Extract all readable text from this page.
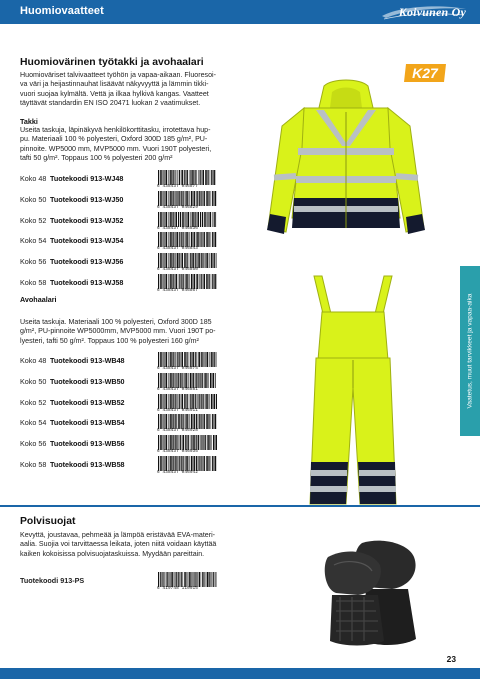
Huomiovaatteet	Koivunen Oy
Huomiovärinen työtakki ja avohaalari
Huomioväriset talvivaatteet työhön ja vapaa-aikaan. Fluoresoi-
va väri ja heijastinnauhat lisäävät näkyvyyttä ja lämmin tikki-
vuori suojaa kylmältä. Vettä ja ilkaa hylkivä kangas. Vaatteet
täyttävät standardin EN ISO 20471 luokan 2 vaatimukset.
Takki
Useita taskuja, läpinäkyvä henkilökorttitasku, irrotettava hup-
pu. Materiaali 100 % polyesteri, Oxford 300D 185 g/m², PU-
pinnoite. WP5000 mm, MVP5000 mm. Vuori 190T polyesteri,
tafti 50 g/m². Toppaus 100 % polyesteri 200 g/m²
Koko 48 Tuotekoodi 913-WJ48
6 438437 046877
Koko 50 Tuotekoodi 913-WJ50
6 438437 046829
Koko 52 Tuotekoodi 913-WJ52
6 438437 046836
Koko 54 Tuotekoodi 913-WJ54
6 438437 046843
Koko 56 Tuotekoodi 913-WJ56
6 438437 046850
Koko 58 Tuotekoodi 913-WJ58
6 438437 046867
Avohaalari
Useita taskuja. Materiaali 100 % polyesteri, Oxford 300D 185
g/m², PU-pinnoite WP5000mm, MVP5000 mm. Vuori 190T po-
lyesteri, tafti 50 g/m². Toppaus 100 % polyesteri 160 g/m²
Koko 48 Tuotekoodi 913-WB48
6 438437 046874
Koko 50 Tuotekoodi 913-WB50
6 438437 046881
Koko 52 Tuotekoodi 913-WB52
6 438437 046911
Koko 54 Tuotekoodi 913-WB54
6 438437 046928
Koko 56 Tuotekoodi 913-WB56
6 438437 046935
Koko 58 Tuotekoodi 913-WB58
6 438437 046942
K27
Vaatetus, muut tarvikkeet ja vapaa-aika
Polvisuojat
Kevyttä, joustavaa, pehmeää ja lämpöä eristävää EVA-materi-
aalia. Suojia voi tarvittaessa leikata, joten niitä voidaan käyttää
kaiken kokoisissa polvisuojataskuissa. Myydään pareittain.
Tuotekoodi 913-PS
6 419748 110915
23
